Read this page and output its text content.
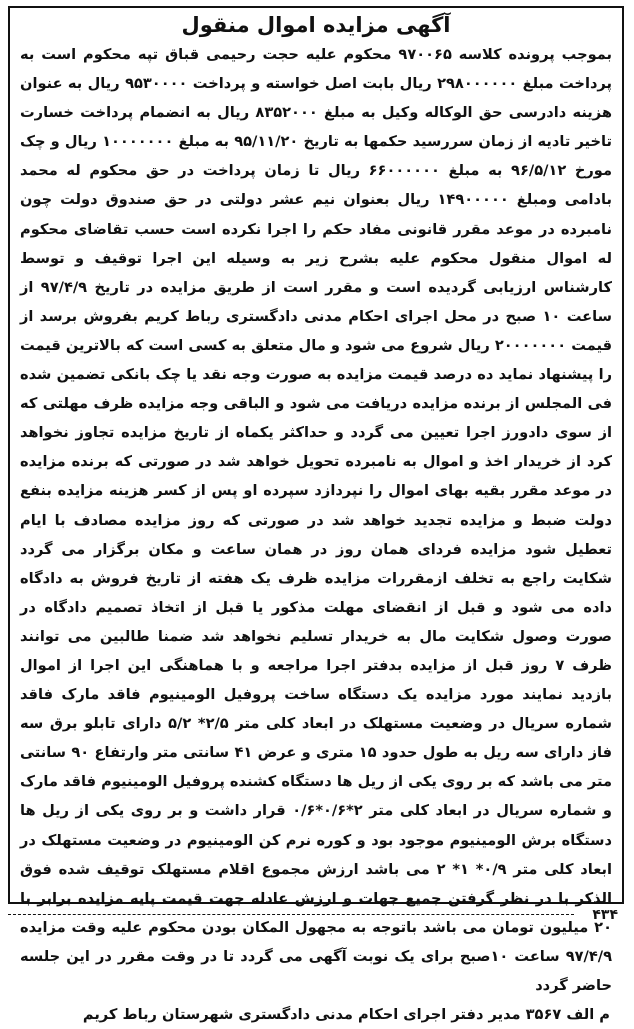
آگهی مزایده اموال منقول

بموجب پرونده کلاسه ۹۷۰۰۶۵ محکوم علیه حجت رحیمی قباق تپه محکوم است به پرداخت مبلغ ۲۹۸۰۰۰۰۰۰ ریال بابت اصل خواسته و پرداخت ۹۵۳۰۰۰۰ ریال به عنوان هزینه دادرسی حق الوکاله وکیل به مبلغ ۸۳۵۲۰۰۰ ریال به انضمام پرداخت خسارت تاخیر تادیه از زمان سررسید حکمها به تاریخ ۹۵/۱۱/۲۰ به مبلغ ۱۰۰۰۰۰۰۰ ریال و چک مورخ ۹۶/۵/۱۲ به مبلغ ۶۶۰۰۰۰۰۰ ریال تا زمان پرداخت در حق محکوم له محمد بادامی ومبلغ ۱۴۹۰۰۰۰۰ ریال بعنوان نیم عشر دولتی در حق صندوق دولت چون نامبرده در موعد مقرر قانونی مفاد حکم را اجرا نکرده است حسب تقاضای محکوم له اموال منقول محکوم علیه بشرح زیر به وسیله این اجرا توقیف و توسط کارشناس ارزیابی گردیده است و مقرر است از طریق مزایده در تاریخ ۹۷/۴/۹ از ساعت ۱۰ صبح در محل اجرای احکام مدنی دادگستری رباط کریم بفروش برسد از قیمت ۲۰۰۰۰۰۰۰ ریال شروع می شود و مال متعلق به کسی است که بالاترین قیمت را پیشنهاد نماید ده درصد قیمت مزایده به صورت وجه نقد یا چک بانکی تضمین شده فی المجلس از برنده مزایده دریافت می شود و الباقی وجه مزایده ظرف مهلتی که از سوی دادورز اجرا تعیین می گردد و حداکثر یکماه از تاریخ مزایده تجاوز نخواهد کرد از خریدار اخذ و اموال به نامبرده تحویل خواهد شد در صورتی که برنده مزایده در موعد مقرر بقیه بهای اموال را نپردازد سپرده او پس از کسر هزینه مزایده بنفع دولت ضبط و مزایده تجدید خواهد شد در صورتی که روز مزایده مصادف با ایام تعطیل شود مزایده فردای همان روز در همان ساعت و مکان برگزار می گردد شکایت راجع به تخلف ازمقررات مزایده ظرف یک هفته از تاریخ فروش به دادگاه داده می شود و قبل از انقضای مهلت مذکور یا قبل از اتخاذ تصمیم دادگاه در صورت وصول شکایت مال به خریدار تسلیم نخواهد شد ضمنا طالبین می توانند ظرف ۷ روز قبل از مزایده بدفتر اجرا مراجعه و با هماهنگی این اجرا از اموال بازدید نمایند مورد مزایده یک دستگاه ساخت پروفیل الومینیوم فاقد مارک فاقد شماره سریال در وضعیت مستهلک در ابعاد کلی متر ۲/۵* ۵/۲ دارای تابلو برق سه فاز دارای سه ریل به طول حدود ۱۵ متری و عرض ۴۱ سانتی متر وارتفاع ۹۰ سانتی متر می باشد که بر روی یکی از ریل ها دستگاه کشنده پروفیل الومینیوم فاقد مارک و شماره سریال در ابعاد کلی متر ۲*۰/۶*۰/۶ قرار داشت و بر روی یکی از ریل ها دستگاه برش الومینیوم موجود بود و کوره نرم کن الومینیوم در وضعیت مستهلک در ابعاد کلی متر ۰/۹* ۱* ۲ می باشد ارزش مجموع اقلام مستهلک توقیف شده فوق الذکر با در نظر گرفتن جمیع جهات و ارزش عادله جهت قیمت پایه مزایده برابر با ۲۰ میلیون تومان می باشد باتوجه به مجهول المکان بودن محکوم علیه وقت مزایده ۹۷/۴/۹ ساعت ۱۰صبح برای یک نوبت آگهی می گردد تا در وقت مقرر در این جلسه حاضر گردد

م الف ۳۵۶۷ مدیر دفتر اجرای احکام مدنی دادگستری شهرستان رباط کریم

۴۳۴
